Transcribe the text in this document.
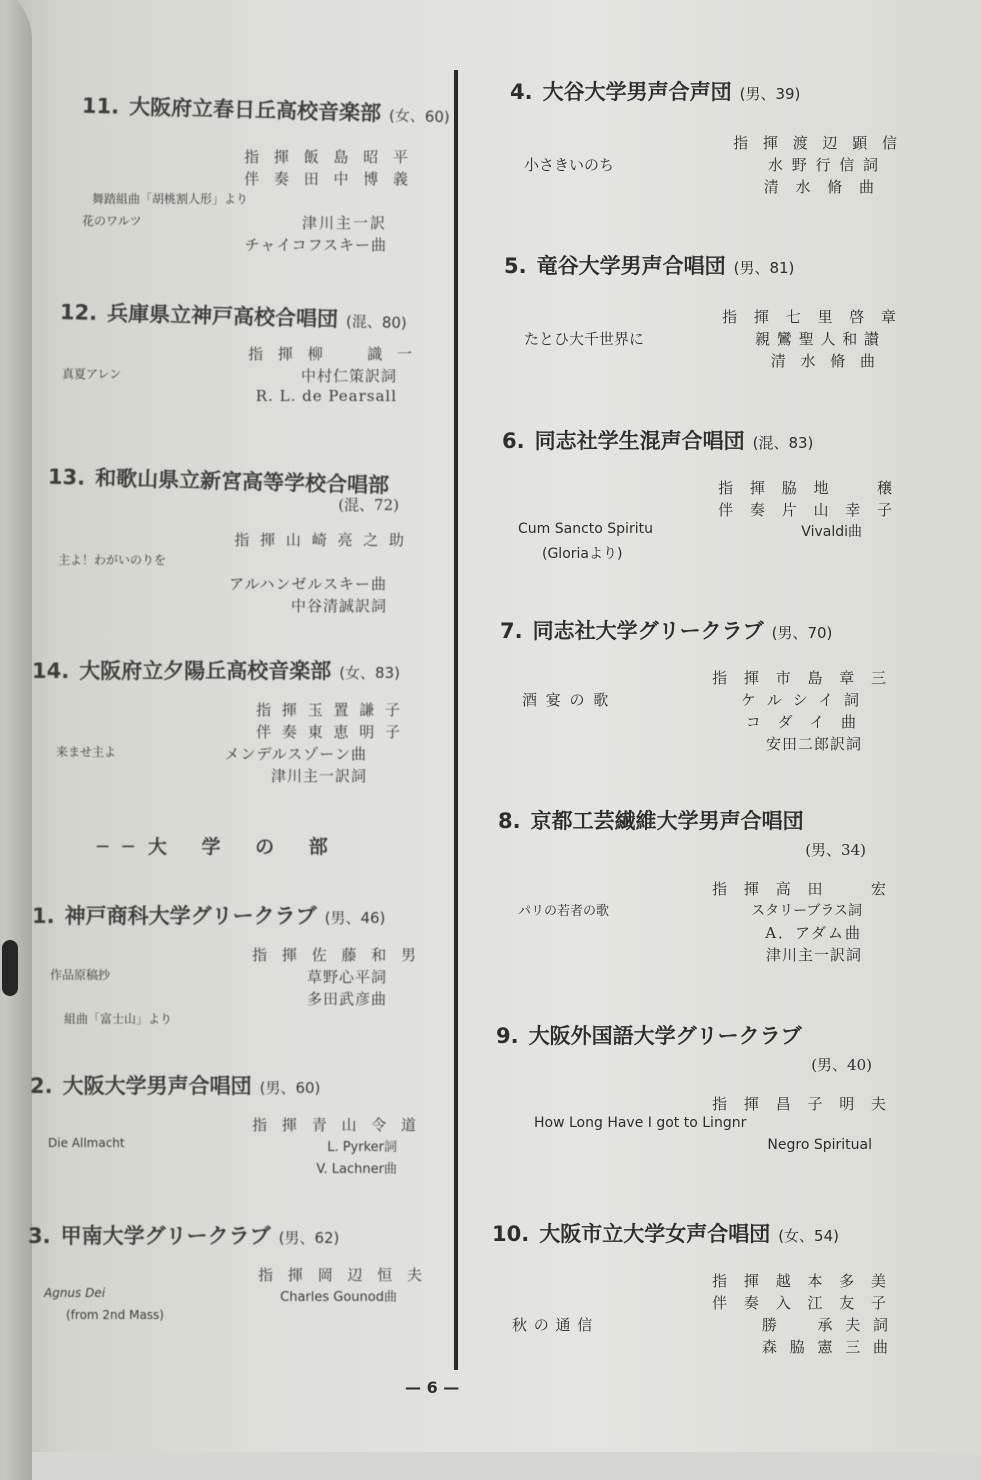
11. 大阪府立春日丘高校音楽部 (女、60)
指 揮 飯 島 昭 平
伴 奏 田 中 博 義
舞踏組曲「胡桃割人形」より
花のワルツ	津川主一訳
チャイコフスキー曲
12. 兵庫県立神戸高校合唱団 (混、80)
指 揮 柳 　 識 一
真夏アレン	中村仁策訳詞
R. L. de Pearsall
13. 和歌山県立新宮高等学校合唱部
(混、72)
指 揮 山 崎 亮 之 助
主よ！わがいのりを
アルハンゼルスキー曲
中谷清誠訳詞
14. 大阪府立夕陽丘高校音楽部 (女、83)
指 揮 玉 置 謙 子
伴 奏 東 恵 明 子
来ませ主よ	メンデルスゾーン曲
津川主一訳詞
──大 学 の 部
1. 神戸商科大学グリークラブ (男、46)
指 揮 佐 藤 和 男
作品原稿抄	草野心平詞
多田武彦曲
組曲「富士山」より
2. 大阪大学男声合唱団 (男、60)
指 揮 青 山 令 道
Die Allmacht	L. Pyrker詞
V. Lachner曲
3. 甲南大学グリークラブ (男、62)
指 揮 岡 辺 恒 夫
Agnus Dei	Charles Gounod曲
(from 2nd Mass)
4. 大谷大学男声合声団 (男、39)
指 揮 渡 辺 顕 信
小さきいのち	水 野 行 信 詞
清 水 脩 曲
5. 竜谷大学男声合唱団 (男、81)
指 揮 七 里 啓 章
たとひ大千世界に	親 鸞 聖 人 和 讃
清 水 脩 曲
6. 同志社学生混声合唱団 (混、83)
指 揮 脇 地 　 穣
伴 奏 片 山 幸 子
Cum Sancto Spiritu	Vivaldi曲
(Gloriaより)
7. 同志社大学グリークラブ (男、70)
指 揮 市 島 章 三
酒 宴 の 歌	ケ ル シ イ 詞
コ ダ イ 曲
安田二郎訳詞
8. 京都工芸繊維大学男声合唱団
(男、34)
指 揮 高 田 　 宏
パリの若者の歌	スタリーブラス詞
A．アダム曲
津川主一訳詞
9. 大阪外国語大学グリークラブ
(男、40)
指 揮 昌 子 明 夫
How Long Have I got to Lingnr
Negro Spiritual
10. 大阪市立大学女声合唱団 (女、54)
指 揮 越 本 多 美
伴 奏 入 江 友 子
秋 の 通 信	勝 　 承 夫 詞
森 脇 憲 三 曲
— 6 —
